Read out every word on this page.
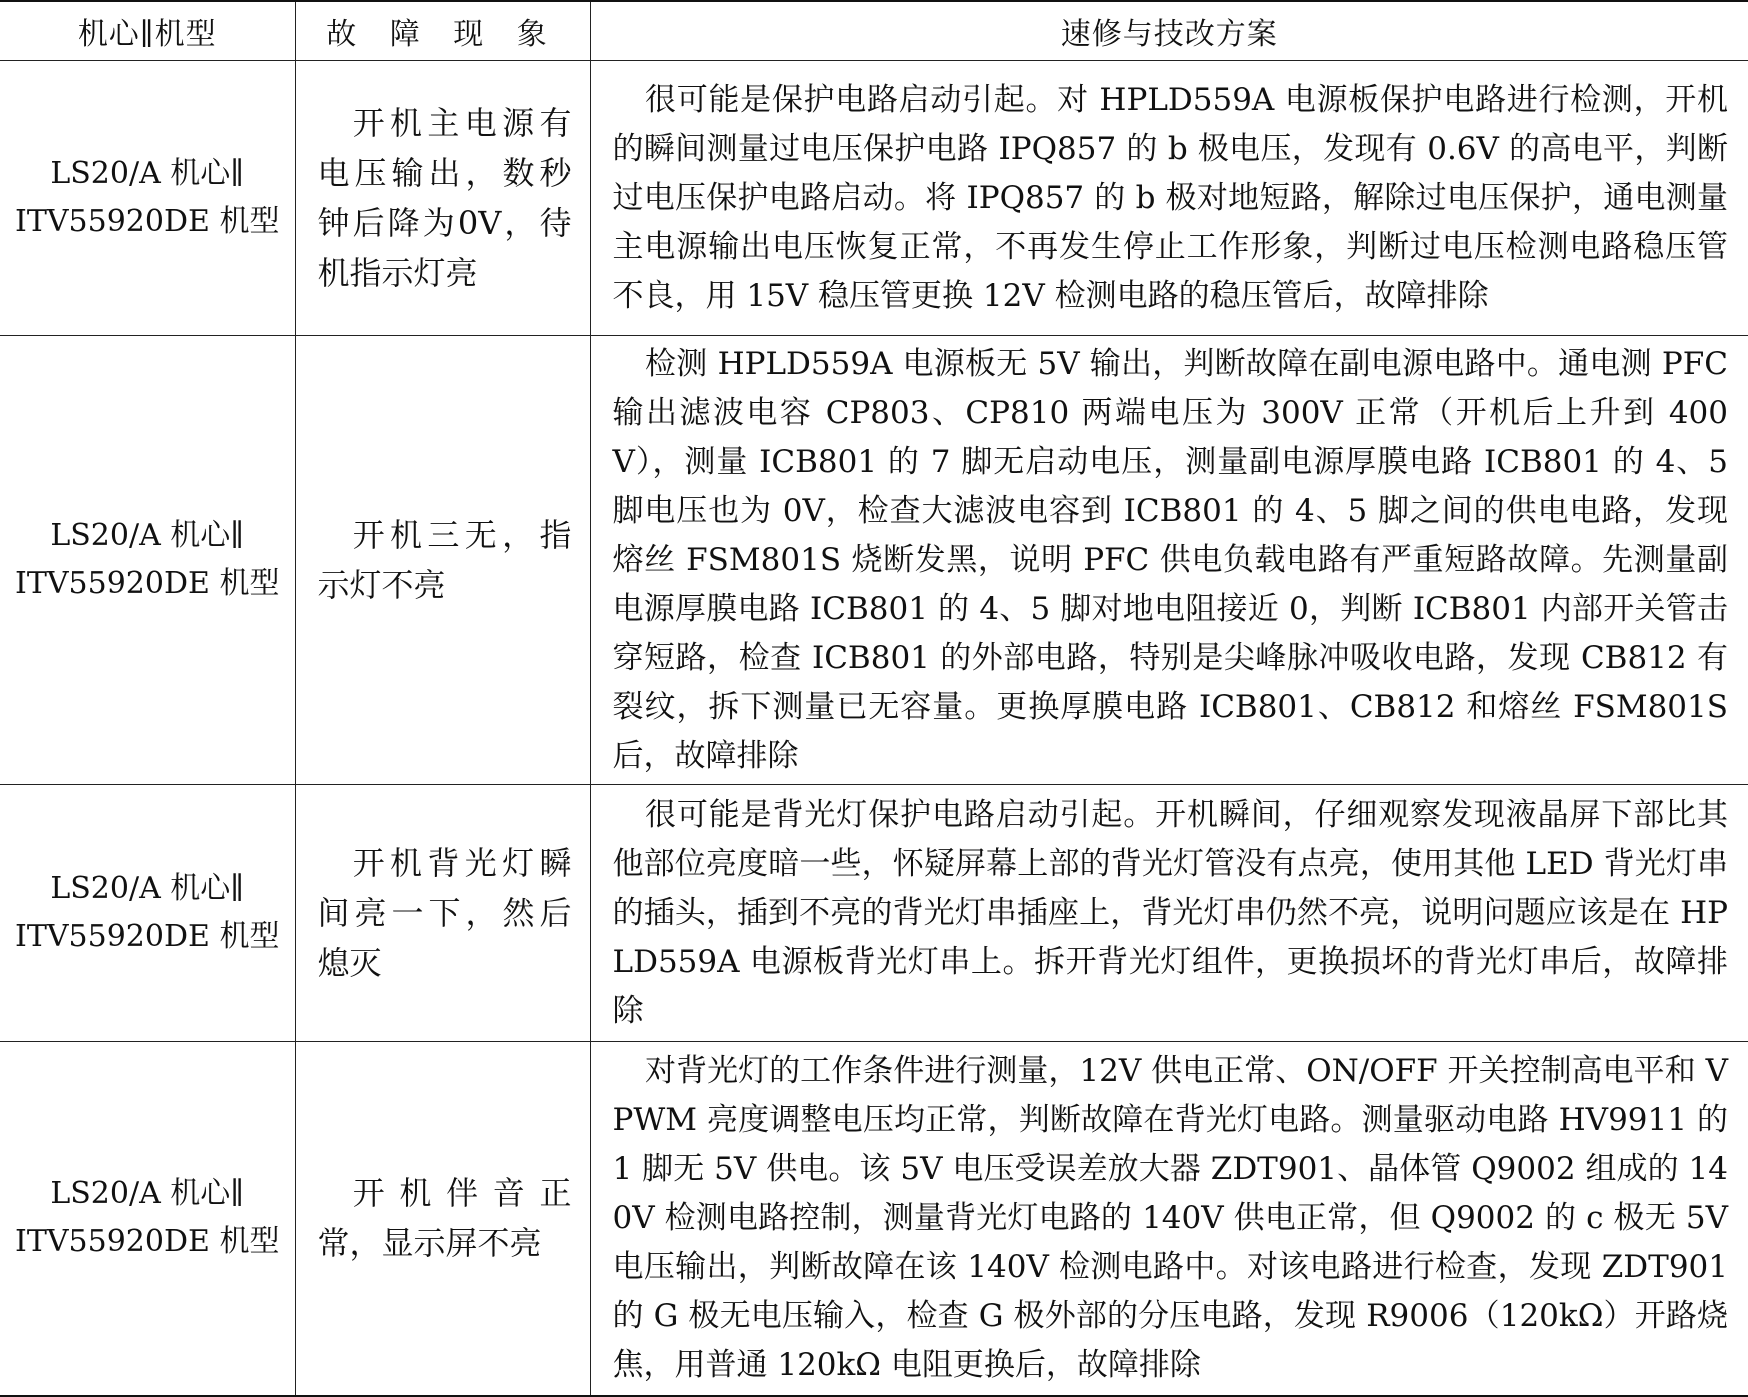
机心∥机型	故 障 现 象	速修与技改方案

LS20/A 机心∥
ITV55920DE 机型	开机主电源有电压输出，数秒钟后降为0V，待机指示灯亮	很可能是保护电路启动引起。对 HPLD559A 电源板保护电路进行检测，开机的瞬间测量过电压保护电路 IPQ857 的 b 极电压，发现有 0.6V 的高电平，判断过电压保护电路启动。将 IPQ857 的 b 极对地短路，解除过电压保护，通电测量主电源输出电压恢复正常，不再发生停止工作形象，判断过电压检测电路稳压管不良，用 15V 稳压管更换 12V 检测电路的稳压管后，故障排除

LS20/A 机心∥
ITV55920DE 机型	开机三无，指示灯不亮	检测 HPLD559A 电源板无 5V 输出，判断故障在副电源电路中。通电测 PFC 输出滤波电容 CP803、CP810 两端电压为 300V 正常（开机后上升到 400V），测量 ICB801 的 7 脚无启动电压，测量副电源厚膜电路 ICB801 的 4、5 脚电压也为 0V，检查大滤波电容到 ICB801 的 4、5 脚之间的供电电路，发现熔丝 FSM801S 烧断发黑，说明 PFC 供电负载电路有严重短路故障。先测量副电源厚膜电路 ICB801 的 4、5 脚对地电阻接近 0，判断 ICB801 内部开关管击穿短路，检查 ICB801 的外部电路，特别是尖峰脉冲吸收电路，发现 CB812 有裂纹，拆下测量已无容量。更换厚膜电路 ICB801、CB812 和熔丝 FSM801S 后，故障排除

LS20/A 机心∥
ITV55920DE 机型	开机背光灯瞬间亮一下，然后熄灭	很可能是背光灯保护电路启动引起。开机瞬间，仔细观察发现液晶屏下部比其他部位亮度暗一些，怀疑屏幕上部的背光灯管没有点亮，使用其他 LED 背光灯串的插头，插到不亮的背光灯串插座上，背光灯串仍然不亮，说明问题应该是在 HPLD559A 电源板背光灯串上。拆开背光灯组件，更换损坏的背光灯串后，故障排除

LS20/A 机心∥
ITV55920DE 机型	开机伴音正常，显示屏不亮	对背光灯的工作条件进行测量，12V 供电正常、ON/OFF 开关控制高电平和 VPWM 亮度调整电压均正常，判断故障在背光灯电路。测量驱动电路 HV9911 的 1 脚无 5V 供电。该 5V 电压受误差放大器 ZDT901、晶体管 Q9002 组成的 140V 检测电路控制，测量背光灯电路的 140V 供电正常，但 Q9002 的 c 极无 5V 电压输出，判断故障在该 140V 检测电路中。对该电路进行检查，发现 ZDT901 的 G 极无电压输入，检查 G 极外部的分压电路，发现 R9006（120kΩ）开路烧焦，用普通 120kΩ 电阻更换后，故障排除
